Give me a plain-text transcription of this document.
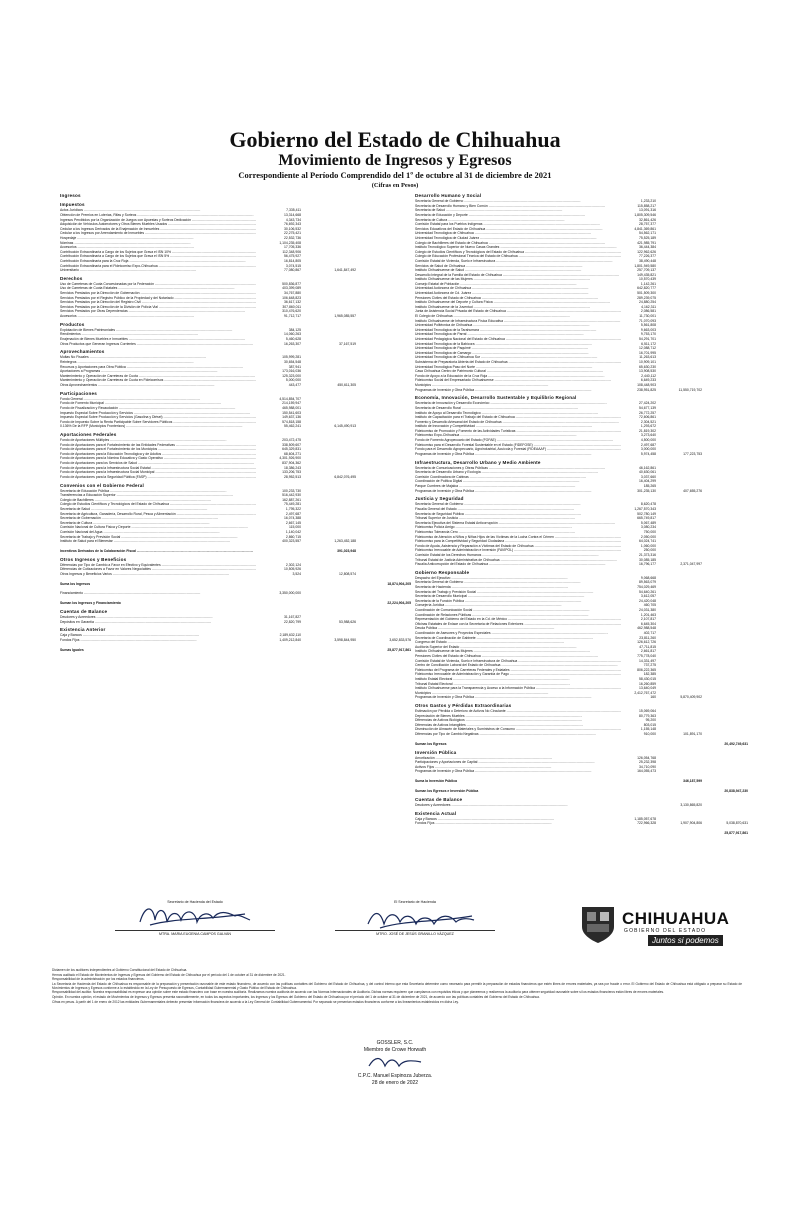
Gobierno del Estado de Chihuahua
Movimiento de Ingresos y Egresos
Correspondiente al Período Comprendido del 1º de octubre al 31 de diciembre de 2021
(Cifras en Pesos)
Ingresos
Impuestos
Actos Jurídicos -----	7,335,411
Obtención de Premios en Loterías, Rifas y Sorteos -----	13,314,668
Ingresos Percibidos por la Organización de Juegos con Apuestas y Sorteos Dedicación -----	4,343,734
Adquisición de Vehículos Automotores y Otros Bienes Muebles Usados -----	76,692,343
Cedular a los Ingresos Derivados de la Enajenación de Inmuebles -----	30,106,532
Cedular a los Ingresos por Arrendamiento de Inmuebles -----	22,275,421
Hospedaje -----	22,532,736
Nóminas -----	1,104,235,408
Accesorios -----	17,705,336
Contribución Extraordinaria a Cargo de los Sujetos que Grava el ISN 10% -----	112,348,906
Contribución Extraordinaria a Cargo de los Sujetos que Grava el ISN 5% -----	56,475,927
Contribución Extraordinaria para la Cruz Roja -----	16,814,805
Contribución Extraordinaria para el Fideicomiso Expo-Chihuahua -----	3,074,515
Universitario -----	77,080,867	1,641,847,492
Derechos
Uso de Carreteras de Cuota Concesionadas por la Federación -----	500,836,877
Uso de Carreteras de Cuota Estatales -----	403,399,089
Servicios Prestados por la Dirección de Gobernación -----	34,767,880
Servicios Prestados por el Registro Público de la Propiedad y del Notariado -----	106,648,823
Servicios Prestados por la Dirección del Registro Civil -----	36,617,132
Servicios Prestados por la Dirección de la División de Policía Vial -----	307,860,011
Servicios Prestados por Otras Dependencias -----	310,476,620
Accesorios -----	91,712,717	1,965,085,557
Productos
Explotación de Bienes Patrimoniales -----	384,125
Rendimientos -----	14,060,263
Enajenación de Bienes Muebles e Inmuebles -----	5,460,628
Otros Productos que Generan Ingresos Corrientes -----	16,263,307	37,167,519
Aprovechamientos
Multas No Fiscales -----	105,999,281
Reintegros -----	30,654,548
Recursos y Aportaciones para Obra Pública -----	387,941
Aportaciones a Programas -----	173,016,036
Mantenimiento y Operación de Carreteras de Cuota -----	125,323,000
Mantenimiento y Operación de Carreteras de Cuota en Fideicomisos -----	5,000,000
Otros Aprovechamientos -----	443,477	450,611,305
Participaciones
Fondo General -----	4,514,854,707
Fondo de Fomento Municipal -----	214,159,947
Fondo de Fiscalización y Recaudación -----	465,988,001
Impuesto Especial Sobre Producción y Servicios -----	150,541,603
Impuesto Especial Sobre Producción y Servicios (Gasolina y Diésel) -----	149,637,136
Fondo de Impuesto Sobre la Renta Participable Sobre Servidores Públicos -----	574,818,158
0.136% De la RFP (Municipios Fronterizos) -----	55,462,241	6,145,490,913
Aportaciones Federales
Fondo de Aportaciones Múltiples -----	203,472,475
Fondo de Aportaciones para el Fortalecimiento de las Entidades Federativas -----	338,509,607
Fondo de Aportaciones para el Fortalecimiento de los Municipios -----	645,329,831
Fondo de Aportaciones para la Educación Tecnológica y de Adultos -----	68,604,271
Fondo de Aportaciones para la Nómina Educativa y Gasto Operativo -----	4,301,926,900
Fondo de Aportaciones para los Servicios de Salud -----	837,904,362
Fondo de Aportaciones para la Infraestructura Social Estatal -----	18,386,243
Fondo de Aportaciones para la Infraestructura Social Municipal -----	133,206,753
Fondo de Aportaciones para la Seguridad Pública (FASP) -----	28,952,513	6,842,076,495
Convenios con el Gobierno Federal
Secretaría de Educación Pública -----	100,233,730
Transferencias a Educación Superior -----	516,442,930
Colegio de Bachilleres -----	162,887,261
Colegio de Estudios Científicos y Tecnológicos del Estado de Chihuahua -----	75,449,281
Secretaría de Salud -----	1,795,322
Secretaría de Agricultura, Ganadería, Desarrollo Rural, Pesca y Alimentación -----	2,497,687
Secretaría de Gobernación -----	16,074,388
Secretaría de Cultura -----	2,667,145
Comisión Nacional de Cultura Física y Deporte -----	115,000
Comisión Nacional del Agua -----	1,140,042
Secretaría de Trabajo y Previsión Social -----	2,860,715
Instituto de Salud para el Bienestar -----	400,323,557	1,263,452,188
Incentivos Derivados de la Colaboración Fiscal -----	391,023,948
Otros Ingresos y Beneficios
Diferencias por Tipo de Cambio a Favor en Efectivo y Equivalentes -----	2,302,124
Diferencias de Cotizaciones a Favor en Valores Negociables -----	10,505,926
Otros Ingresos y Beneficios Varios -----	3,524	12,808,574
Suma los Ingresos	18,874,904,205
Financiamiento -----	3,350,000,000
Suman los Ingresos y Financiamiento	22,224,904,205
Cuentas de Balance
Deudores y Acreedores -----	31,167,827
Depósitos en Garantía -----	22,820,799	53,988,626
Existencia Anterior
Caja y Bancos -----	2,189,632,110
Fondos Fijos -----	1,409,212,840	3,598,844,950	3,652,833,576
Sumas Iguales	25,877,917,861
Desarrollo Humano y Social
Secretaría General de Gobierno -----	1,233,210
Secretaría de Desarrollo Humano y Bien Común -----	115,858,217
Secretaría de Salud -----	13,091,316
Secretaría de Educación y Deporte -----	1,805,309,546
Secretaría de Cultura -----	32,861,426
Comisión Estatal para los Pueblos Indígenas -----	28,757,377
Servicios Educativos del Estado de Chihuahua -----	4,841,369,861
Universidad Tecnológica de Chihuahua -----	54,562,171
Universidad Tecnológica de Ciudad Juárez -----	75,525,189
Colegio de Bachilleres del Estado de Chihuahua -----	421,985,791
Instituto Tecnológico Superior de Nuevo Casas Grandes -----	36,444,384
Colegio de Estudios Científicos y Tecnológicos del Estado de Chihuahua -----	122,962,626
Colegio de Educación Profesional Técnica del Estado de Chihuahua -----	77,226,377
Comisión Estatal de Vivienda, Suelo e Infraestructura -----	38,490,448
Servicios de Salud de Chihuahua -----	1,801,949,580
Instituto Chihuahuense de Salud -----	257,709,137
Desarrollo Integral de la Familia del Estado de Chihuahua -----	149,435,821
Instituto Chihuahuense de las Mujeres -----	10,570,439
Consejo Estatal de Población -----	1,142,261
Universidad Autónoma de Chihuahua -----	642,820,777
Universidad Autónoma de Cd. Juárez -----	501,509,300
Pensiones Civiles del Estado de Chihuahua -----	289,239,075
Instituto Chihuahuense del Deporte y Cultura Física -----	24,880,254
Instituto Chihuahuense de la Juventud -----	4,162,311
Junta de Asistencia Social Privada del Estado de Chihuahua -----	2,086,581
El Colegio de Chihuahua -----	11,730,001
Instituto Chihuahuense de Infraestructura Física Educativa -----	71,070,093
Universidad Politécnica de Chihuahua -----	5,561,808
Universidad Tecnológica de la Tarahumara -----	9,663,003
Universidad Tecnológica de Parral -----	9,753,170
Universidad Pedagógica Nacional del Estado de Chihuahua -----	54,291,701
Universidad Tecnológica de la Babícora -----	6,511,172
Universidad Tecnológica de Paquimé -----	12,088,712
Universidad Tecnológica de Camargo -----	16,701,995
Universidad Tecnológica de Chihuahua Sur -----	11,263,613
Subsistema de Preparatoria Abierta del Estado de Chihuahua -----	10,909,101
Universidad Tecnológica Paso del Norte -----	65,630,230
Casa Chihuahua Centro de Patrimonio Cultural -----	13,908,530
Fondo de Apoyo a la Educación de la Cruz Roja -----	2,440,112
Fideicomiso Social del Empresariado Chihuahuense -----	6,649,233
Municipios -----	108,448,903
Programas de Inversión y Obra Pública -----	238,951,825	11,550,719,702
Economía, Innovación, Desarrollo Sustentable y Equilibrio Regional
Secretaría de Innovación y Desarrollo Económico -----	27,424,202
Secretaría de Desarrollo Rural -----	54,677,139
Instituto de Apoyo al Desarrollo Tecnológico -----	26,772,257
Instituto de Capacitación para el Trabajo del Estado de Chihuahua -----	72,606,861
Fomento y Desarrollo Artesanal del Estado de Chihuahua -----	2,304,521
Instituto de Innovación y Competitividad -----	1,293,672
Fideicomiso de Promoción y Fomento de las Actividades Turísticas -----	21,819,302
Fideicomiso Expo-Chihuahua -----	3,273,640
Fondo de Fomento Agropecuario del Estado (FOFAE) -----	4,500,000
Fideicomiso para el Desarrollo Forestal Sustentable en el Estado (FIDEFOSE) -----	2,497,687
Fondo para el Desarrollo Agropecuario, Agroindustrial, Acuícola y Forestal (FIDEAAAF) -----	3,000,000
Programas de Inversión y Obra Pública -----	5,974,458	177,223,753
Infraestructura, Desarrollo Urbano y Medio Ambiente
Secretaría de Comunicaciones y Obras Públicas -----	46,162,861
Secretaría de Desarrollo Urbano y Ecología -----	40,630,061
Comisión Coordinadora de Cabinas -----	3,037,660
Coordinación de Política Digital -----	16,404,299
Parque Cumbres de Majalca -----	185,265
Programas de Inversión y Obra Pública -----	301,235,130	407,655,276
Justicia y Seguridad
Secretaría General de Gobierno -----	8,620,478
Fiscalía General del Estado -----	1,267,570,343
Secretaría de Seguridad Pública -----	502,780,149
Tribunal Superior de Justicia -----	665,749,817
Secretaría Ejecutiva del Sistema Estatal Anticorrupción -----	5,067,489
Fideicomiso Policía Amigo -----	3,080,234
Fideicomiso Tolerancia Cero -----	750,000
Fideicomiso de Atención a Niños y Niñas Hijos de las Víctimas de la Lucha Contra el Crimen -----	2,050,000
Fideicomiso para la Competitividad y Seguridad Ciudadana -----	64,024,741
Fondo de Ayuda, Asistencia y Reparación a Víctimas del Estado de Chihuahua -----	1,060,000
Fideicomiso Irrevocable de Administración e Inversión (FAVIPOL) -----	250,000
Comisión Estatal de los Derechos Humanos -----	21,373,316
Tribunal Estatal de Justicia Administrativa de Chihuahua -----	30,085,185
Fiscalía Anticorrupción del Estado de Chihuahua -----	16,796,177	2,371,047,997
Gobierno Responsable
Despacho del Ejecutivo -----	9,068,668
Secretaría General de Gobierno -----	89,563,079
Secretaría de Hacienda -----	754,029,469
Secretaría del Trabajo y Previsión Social -----	54,640,261
Secretaría de Desarrollo Municipal -----	3,612,057
Secretaría de la Función Pública -----	24,420,048
Consejería Jurídica -----	460,705
Coordinación de Comunicación Social -----	24,031,380
Coordinación de Relaciones Públicas -----	1,201,463
Representación del Gobierno del Estado en la Cd. de México -----	2,107,817
Oficinas Estatales de Enlace con la Secretaría de Relaciones Exteriores -----	6,645,304
Deuda Pública -----	462,988,548
Coordinación de Asesores y Proyectos Especiales -----	402,717
Secretaría de Coordinación de Gabinete -----	23,811,260
Congreso del Estado -----	126,612,726
Auditoría Superior del Estado -----	47,711,815
Instituto Chihuahuense de las Mujeres -----	2,661,817
Pensiones Civiles del Estado de Chihuahua -----	775,778,040
Comisión Estatal de Vivienda, Suelo e Infraestructura de Chihuahua -----	14,331,497
Centro de Conciliación Laboral del Estado de Chihuahua -----	737,275
Fideicomiso del Programa de Carreteras Federales y Estatales -----	806,222,365
Fideicomiso Irrevocable de Administración y Garantía de Pago -----	182,385
Instituto Estatal Electoral -----	58,430,015
Tribunal Estatal Electoral -----	16,260,859
Instituto Chihuahuense para la Transparencia y Acceso a la Información Pública -----	13,640,049
Municipios -----	2,412,767,472
Programas de Inversión y Obra Pública -----	160	5,870,409,902
Otros Gastos y Pérdidas Extraordinarias
Estimación por Pérdida o Deterioro de Activos No Circulante -----	15,069,064
Depreciación de Bienes Muebles -----	80,779,363
Diferencias de Activos Biológicos -----	95,200
Diferencias de Activos Intangibles -----	803,015
Disminución de Almacén de Materiales y Suministros de Consumo -----	1,155,148
Diferencias por Tipo de Cambio Negativas -----	910,000	101,891,170
Suman los Egresos	20,492,749,631
Inversión Pública
Amortización -----	126,054,768
Participaciones y Aportaciones de Capital -----	25,232,398
Activos Fijos -----	34,710,090
Programas de Inversión y Obra Pública -----	164,055,473
Suma la Inversión Pública	346,187,599
Suman los Egresos e Inversión Pública	20,838,947,230
Cuentas de Balance
Deudores y Acreedores -----	3,130,865,820
Existencia Actual
Caja y Bancos -----	1,185,057,678
Fondos Fijos -----	722,966,328	1,907,904,806	5,038,870,631
25,877,917,861
Secretario de Hacienda del Estado
MTRA. MARIA EUGENIA CAMPOS GALVAN
El Secretario de Hacienda
MTRO. JOSÉ DE JESÚS GRANILLO VÁZQUEZ
CHIHUAHUA
GOBIERNO DEL ESTADO
Juntos si podemos

Dictamen de los auditores independientes al Gobierno Constitucional del Estado de Chihuahua.

Hemos auditado el Estado de Movimientos de Ingresos y Egresos del Gobierno del Estado de Chihuahua por el período del 1 de octubre al 31 de diciembre de 2021.

Responsabilidad de la administración por los estados financieros.

La Secretaría de Hacienda del Estado de Chihuahua es responsable de la preparación y presentación razonable de este estado financiero, de acuerdo con las políticas contables del Gobierno del Estado de Chihuahua, y del control interno que esta Secretaría determine como necesario para permitir la preparación de estados financieros que estén libres de errores materiales, ya sea por fraude o error. El Gobierno del Estado de Chihuahua está obligado a preparar su Estado de Movimientos de Ingresos y Egresos conforme a lo establecido en la Ley de Presupuesto de Egresos, Contabilidad Gubernamental y Gasto Público del Estado de Chihuahua.

Responsabilidad del auditor. Nuestra responsabilidad es expresar una opinión sobre este estado financiero con base en nuestra auditoría. Realizamos nuestra auditoría de acuerdo con las Normas Internacionales de Auditoría. Dichas normas requieren que cumplamos con requisitos éticos y que planeemos y realicemos la auditoría para obtener seguridad razonable sobre si los estados financieros están libres de errores materiales.

Opinión. En nuestra opinión, el estado de Movimientos de Ingresos y Egresos presenta razonablemente, en todos los aspectos importantes, los ingresos y los Egresos del Gobierno del Estado de Chihuahua por el período del 1 de octubre al 31 de diciembre de 2021, de acuerdo con las políticas contables del Gobierno del Estado de Chihuahua.

Cifras en pesos. A partir del 1 de enero de 2012 las entidades Gubernamentales deberán presentar información financiera de acuerdo a la Ley General de Contabilidad Gubernamental. Por separado se presentan estados financieros conforme a los lineamientos establecidos en dicha Ley.

GOSSLER, S.C.
Miembro de Crowe Horwath
C.P.C. Manuel Espinoza Juberza.
28 de enero de 2022
